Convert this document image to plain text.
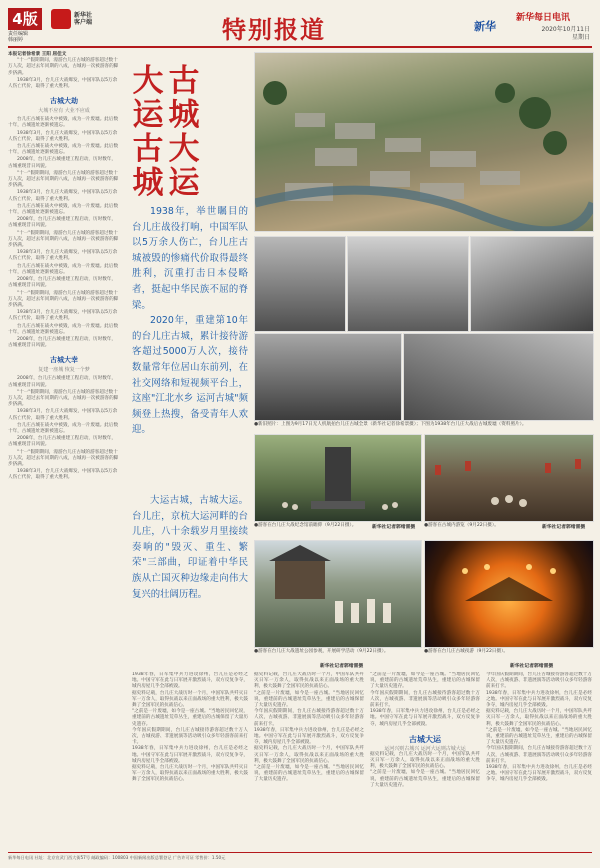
4版
责任编辑
韩丽婷
新华社
客户端	特别报道	新华
新华每日电讯
2020年10月11日
星期日
本报记者徐希景 王阳 屈佳文

"十一"假期期间，漫游台儿庄古城的游客超过数十万人次，超过去年同期的八成，古城再一次被游客的脚步挤满。

1938年3月，台儿庄大战爆发，中国军队以5万余人伤亡代价，取得了重大胜利。

古城大劫
大城不应有 大业不应成

台儿庄古城在战火中被毁，成为一片废墟。此后数十年，古城遗址逐渐被遗忘。

1938年3月，台儿庄大战爆发，中国军队以5万余人伤亡代价，取得了重大胜利。

台儿庄古城在战火中被毁，成为一片废墟。此后数十年，古城遗址逐渐被遗忘。

2008年，台儿庄古城重建工程启动，历时数年，古城重现昔日风貌。

"十一"假期期间，漫游台儿庄古城的游客超过数十万人次，超过去年同期的八成，古城再一次被游客的脚步挤满。

1938年3月，台儿庄大战爆发，中国军队以5万余人伤亡代价，取得了重大胜利。

台儿庄古城在战火中被毁，成为一片废墟。此后数十年，古城遗址逐渐被遗忘。

2008年，台儿庄古城重建工程启动，历时数年，古城重现昔日风貌。

"十一"假期期间，漫游台儿庄古城的游客超过数十万人次，超过去年同期的八成，古城再一次被游客的脚步挤满。

1938年3月，台儿庄大战爆发，中国军队以5万余人伤亡代价，取得了重大胜利。

台儿庄古城在战火中被毁，成为一片废墟。此后数十年，古城遗址逐渐被遗忘。

2008年，台儿庄古城重建工程启动，历时数年，古城重现昔日风貌。

"十一"假期期间，漫游台儿庄古城的游客超过数十万人次，超过去年同期的八成，古城再一次被游客的脚步挤满。

1938年3月，台儿庄大战爆发，中国军队以5万余人伤亡代价，取得了重大胜利。

台儿庄古城在战火中被毁，成为一片废墟。此后数十年，古城遗址逐渐被遗忘。

2008年，台儿庄古城重建工程启动，历时数年，古城重现昔日风貌。

古城大幸
复建一座城 恢复一个梦

2008年，台儿庄古城重建工程启动，历时数年，古城重现昔日风貌。

"十一"假期期间，漫游台儿庄古城的游客超过数十万人次，超过去年同期的八成，古城再一次被游客的脚步挤满。

1938年3月，台儿庄大战爆发，中国军队以5万余人伤亡代价，取得了重大胜利。

台儿庄古城在战火中被毁，成为一片废墟。此后数十年，古城遗址逐渐被遗忘。

2008年，台儿庄古城重建工程启动，历时数年，古城重现昔日风貌。

"十一"假期期间，漫游台儿庄古城的游客超过数十万人次，超过去年同期的八成，古城再一次被游客的脚步挤满。

1938年3月，台儿庄大战爆发，中国军队以5万余人伤亡代价，取得了重大胜利。

大 古
运 城
古 大
城 运
1938年，举世瞩目的台儿庄战役打响，中国军队以5万余人伤亡，台儿庄古城被毁的惨痛代价取得最终胜利，沉重打击日本侵略者，挺起中华民族不屈的脊梁。
2020年，重建第10年的台儿庄古城，累计接待游客超过5000万人次，接待数量常年位居山东前列，在社交网络和短视频平台上，这座"江北水乡 运河古城"频频登上热搜，备受青年人欢迎。
大运古城，古城大运。台儿庄，京杭大运河畔的台儿庄，八十余载岁月里接续奏响的"毁灭、重生、繁荣"三部曲，印证着中华民族从亡国灭种边缘走向伟大复兴的壮阔历程。
●新旧照片：上图为9月17日无人机航拍台儿庄古城全景（新华社记者徐希景摄）；下图为1938年台儿庄大战后古城废墟（资料照片）。
●游客在台儿庄大战纪念馆前瞻仰（9月22日摄）。	新华社记者郭绪雷摄 ●游客在古城内游览（9月22日摄）。	新华社记者郭绪雷摄
●游客在台儿庄大战遗址公园参观，开展研学活动（9月22日摄）。
新华社记者郭绪雷摄
●游客在台儿庄古城夜游（9月22日摄）。
新华社记者郭绪雷摄
1938年春，日军集中兵力进攻徐州，台儿庄是必经之地。中国守军在此与日军展开激烈战斗，双方反复争夺，城内房屋几乎全部被毁。
据史料记载，台儿庄大战历时一个月，中国军队共歼灭日军一万余人，取得抗战以来正面战场的重大胜利，极大鼓舞了全国军民的抗战信心。
"之前是一片废墟，如今是一座古城。"当地居民回忆说，重建前的古城遗址荒草丛生，重建后的古城保留了大量历史遗存。
今年国庆假期期间，台儿庄古城接待游客超过数十万人次，古城夜游、非遗展演等活动吸引众多年轻游客前来打卡。
1938年春，日军集中兵力进攻徐州，台儿庄是必经之地。中国守军在此与日军展开激烈战斗，双方反复争夺，城内房屋几乎全部被毁。
据史料记载，台儿庄大战历时一个月，中国军队共歼灭日军一万余人，取得抗战以来正面战场的重大胜利，极大鼓舞了全国军民的抗战信心。
据史料记载，台儿庄大战历时一个月，中国军队共歼灭日军一万余人，取得抗战以来正面战场的重大胜利，极大鼓舞了全国军民的抗战信心。
"之前是一片废墟，如今是一座古城。"当地居民回忆说，重建前的古城遗址荒草丛生，重建后的古城保留了大量历史遗存。
今年国庆假期期间，台儿庄古城接待游客超过数十万人次，古城夜游、非遗展演等活动吸引众多年轻游客前来打卡。
1938年春，日军集中兵力进攻徐州，台儿庄是必经之地。中国守军在此与日军展开激烈战斗，双方反复争夺，城内房屋几乎全部被毁。
据史料记载，台儿庄大战历时一个月，中国军队共歼灭日军一万余人，取得抗战以来正面战场的重大胜利，极大鼓舞了全国军民的抗战信心。
"之前是一片废墟，如今是一座古城。"当地居民回忆说，重建前的古城遗址荒草丛生，重建后的古城保留了大量历史遗存。
"之前是一片废墟，如今是一座古城。"当地居民回忆说，重建前的古城遗址荒草丛生，重建后的古城保留了大量历史遗存。
今年国庆假期期间，台儿庄古城接待游客超过数十万人次，古城夜游、非遗展演等活动吸引众多年轻游客前来打卡。
1938年春，日军集中兵力进攻徐州，台儿庄是必经之地。中国守军在此与日军展开激烈战斗，双方反复争夺，城内房屋几乎全部被毁。
古城大运
运河兴则古城兴 运河大运则古城大运
据史料记载，台儿庄大战历时一个月，中国军队共歼灭日军一万余人，取得抗战以来正面战场的重大胜利，极大鼓舞了全国军民的抗战信心。
"之前是一片废墟，如今是一座古城。"当地居民回忆说，重建前的古城遗址荒草丛生，重建后的古城保留了大量历史遗存。
今年国庆假期期间，台儿庄古城接待游客超过数十万人次，古城夜游、非遗展演等活动吸引众多年轻游客前来打卡。
1938年春，日军集中兵力进攻徐州，台儿庄是必经之地。中国守军在此与日军展开激烈战斗，双方反复争夺，城内房屋几乎全部被毁。
据史料记载，台儿庄大战历时一个月，中国军队共歼灭日军一万余人，取得抗战以来正面战场的重大胜利，极大鼓舞了全国军民的抗战信心。
"之前是一片废墟，如今是一座古城。"当地居民回忆说，重建前的古城遗址荒草丛生，重建后的古城保留了大量历史遗存。
今年国庆假期期间，台儿庄古城接待游客超过数十万人次，古城夜游、非遗展演等活动吸引众多年轻游客前来打卡。
1938年春，日军集中兵力进攻徐州，台儿庄是必经之地。中国守军在此与日军展开激烈战斗，双方反复争夺，城内房屋几乎全部被毁。
新华每日电讯 社址：北京宣武门西大街57号 邮政编码：100803 中国新闻出版总署登记 广告许可证 零售价：1.50元
